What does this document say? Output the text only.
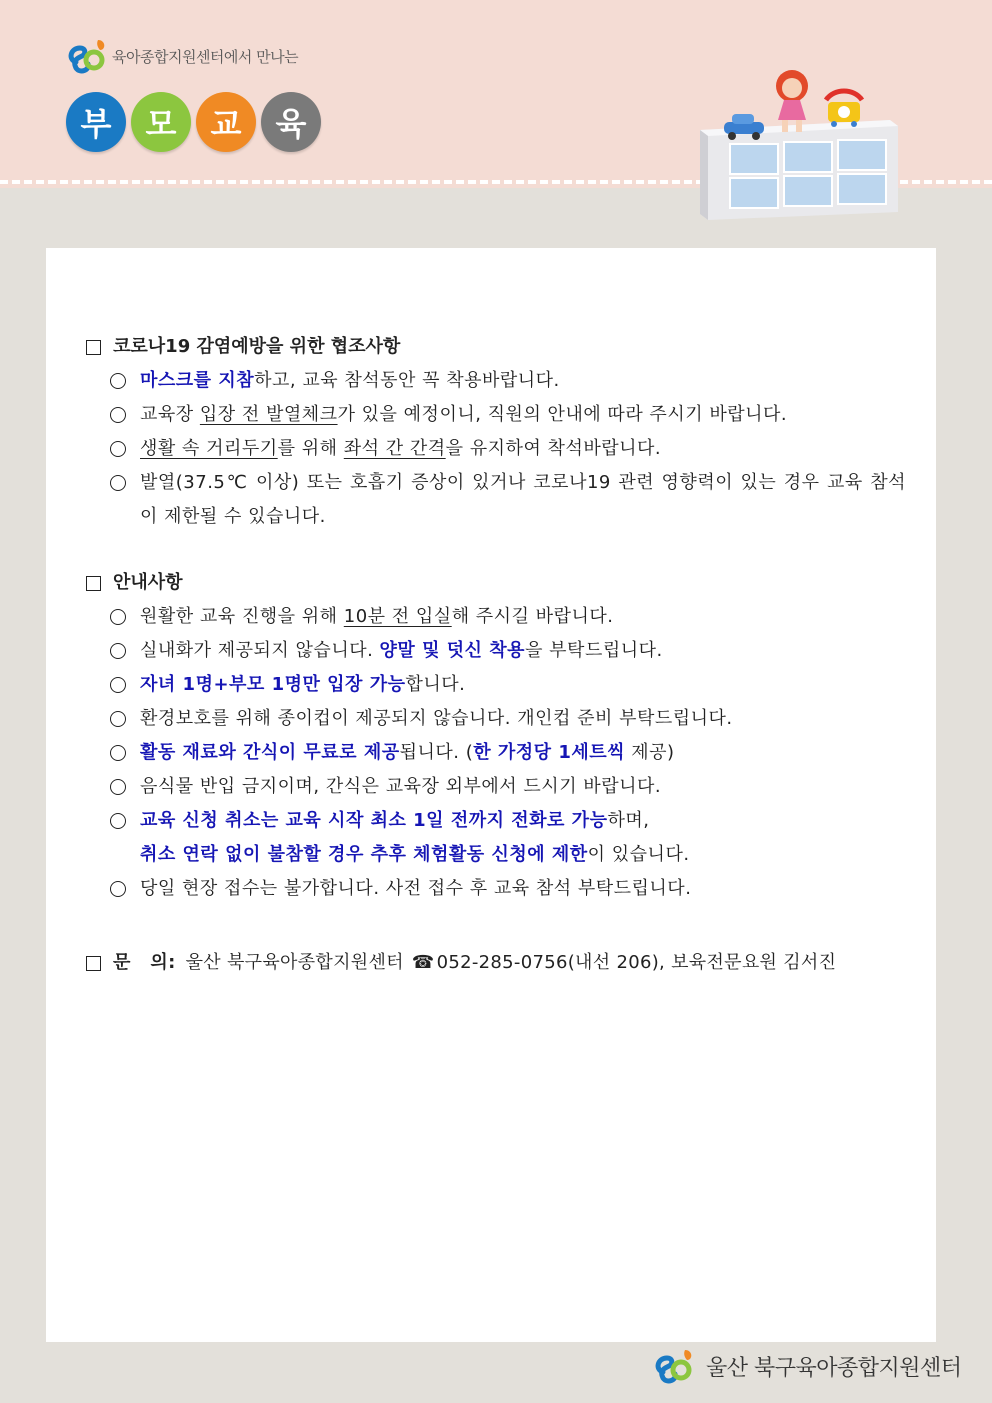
육아종합지원센터에서 만나는
부	모	교	육
코로나19 감염예방을 위한 협조사항
마스크를 지참하고, 교육 참석동안 꼭 착용바랍니다.
교육장 입장 전 발열체크가 있을 예정이니, 직원의 안내에 따라 주시기 바랍니다.
생활 속 거리두기를 위해 좌석 간 간격을 유지하여 착석바랍니다.
발열(37.5℃ 이상) 또는 호흡기 증상이 있거나 코로나19 관련 영향력이 있는 경우 교육 참석이 제한될 수 있습니다.
안내사항
원활한 교육 진행을 위해 10분 전 입실해 주시길 바랍니다.
실내화가 제공되지 않습니다. 양말 및 덧신 착용을 부탁드립니다.
자녀 1명+부모 1명만 입장 가능합니다.
환경보호를 위해 종이컵이 제공되지 않습니다. 개인컵 준비 부탁드립니다.
활동 재료와 간식이 무료로 제공됩니다. (한 가정당 1세트씩 제공)
음식물 반입 금지이며, 간식은 교육장 외부에서 드시기 바랍니다.
교육 신청 취소는 교육 시작 최소 1일 전까지 전화로 가능하며,
취소 연락 없이 불참할 경우 추후 체험활동 신청에 제한이 있습니다.
당일 현장 접수는 불가합니다. 사전 접수 후 교육 참석 부탁드립니다.
문   의: 울산 북구육아종합지원센터 ☎ 052-285-0756(내선 206), 보육전문요원 김서진
울산 북구육아종합지원센터
